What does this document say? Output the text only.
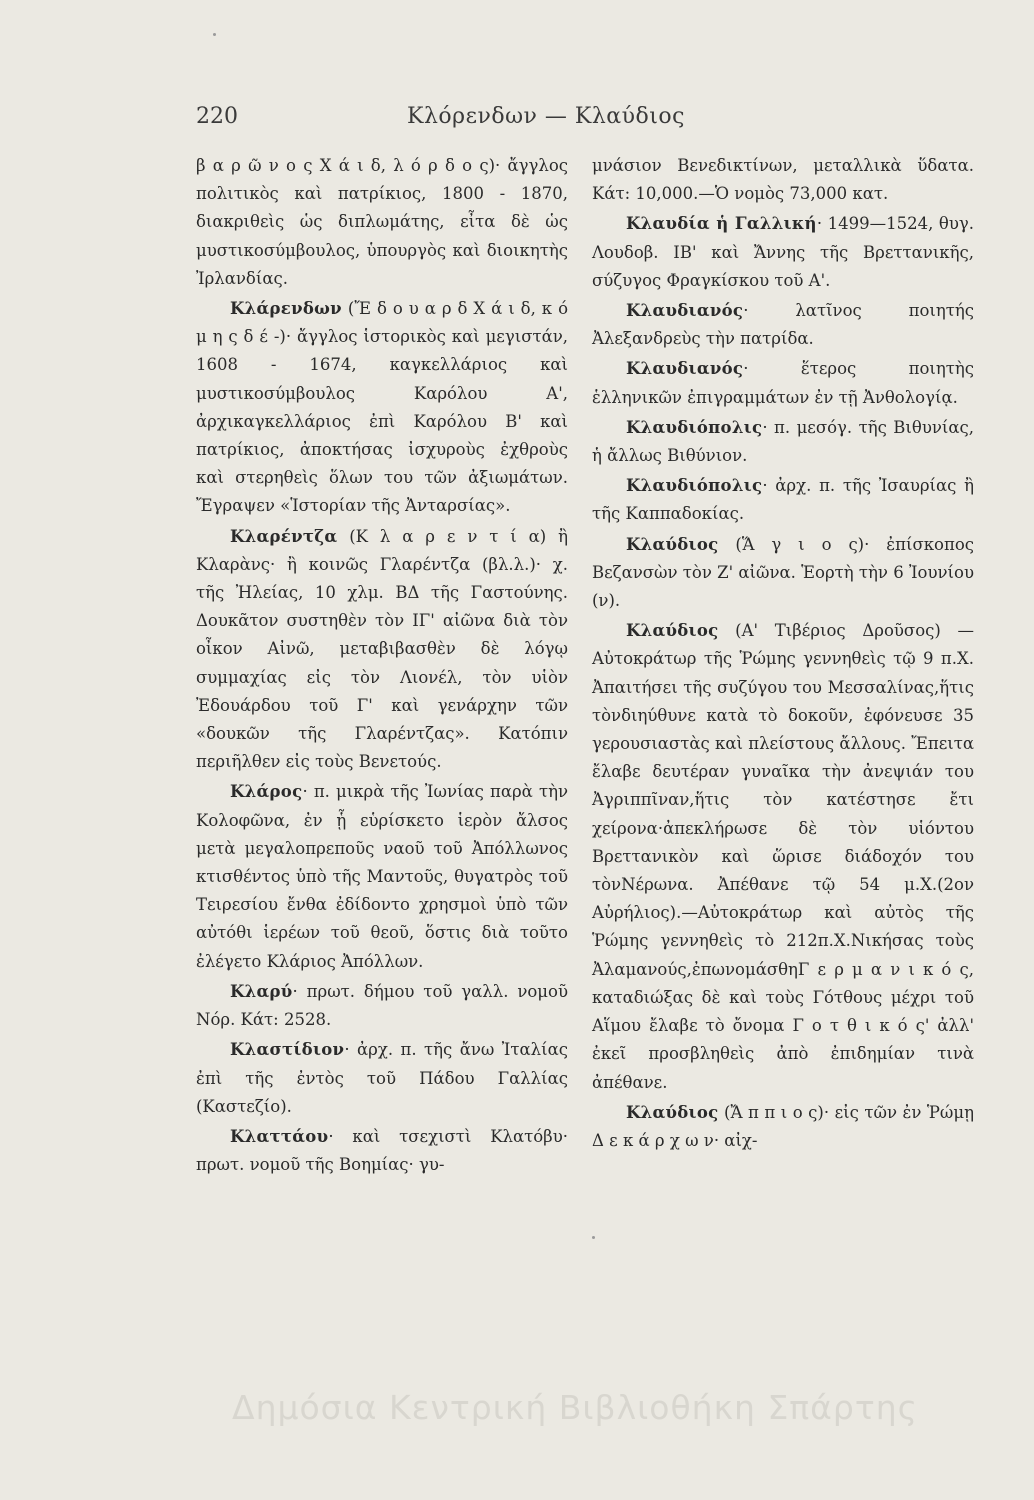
220	Κλόρενδων — Κλαύδιος

β α ρ ῶ ν ο ς Χ ά ι δ, λ ό ρ δ ο ς)· ἄγγλος πολιτικὸς καὶ πατρίκιος, 1800 - 1870, διακριθεὶς ὡς διπλωμάτης, εἶτα δὲ ὡς μυστικοσύμβουλος, ὑπουργὸς καὶ διοικητὴς Ἰρλανδίας.

Κλάρενδων (Ἔ δ ο υ α ρ δ Χ ά ι δ, κ ό μ η ς δ έ -)· ἄγγλος ἱστορικὸς καὶ μεγιστάν, 1608 - 1674, καγκελλάριος καὶ μυστικοσύμβουλος Καρόλου Α', ἀρχικαγκελλάριος ἐπὶ Καρόλου Β' καὶ πατρίκιος, ἀποκτήσας ἰσχυροὺς ἐχθροὺς καὶ στερηθεὶς ὅλων του τῶν ἀξιωμάτων. Ἔγραψεν «Ἱστορίαν τῆς Ἀνταρσίας».

Κλαρέντζα (Κ λ α ρ ε ν τ ί α) ἢ Κλαρὰνς· ἢ κοινῶς Γλαρέντζα (βλ.λ.)· χ. τῆς Ἠλείας, 10 χλμ. ΒΔ τῆς Γαστούνης. Δουκᾶτον συστηθὲν τὸν ΙΓ' αἰῶνα διὰ τὸν οἶκον Αἰνῶ, μεταβιβασθὲν δὲ λόγῳ συμμαχίας εἰς τὸν Λιονέλ, τὸν υἱὸν Ἐδουάρδου τοῦ Γ' καὶ γενάρχην τῶν «δουκῶν τῆς Γλαρέντζας». Κατόπιν περιῆλθεν εἰς τοὺς Βενετούς.

Κλάρος· π. μικρὰ τῆς Ἰωνίας παρὰ τὴν Κολοφῶνα, ἐν ᾗ εὑρίσκετο ἱερὸν ἄλσος μετὰ μεγαλοπρεποῦς ναοῦ τοῦ Ἀπόλλωνος κτισθέντος ὑπὸ τῆς Μαντοῦς, θυγατρὸς τοῦ Τειρεσίου ἔνθα ἐδίδοντο χρησμοὶ ὑπὸ τῶν αὐτόθι ἱερέων τοῦ θεοῦ, ὅστις διὰ τοῦτο ἐλέγετο Κλάριος Ἀπόλλων.

Κλαρύ· πρωτ. δήμου τοῦ γαλλ. νομοῦ Νόρ. Κάτ: 2528.

Κλαστίδιον· ἀρχ. π. τῆς ἄνω Ἰταλίας ἐπὶ τῆς ἐντὸς τοῦ Πάδου Γαλλίας (Καστεζίο).

Κλαττάου· καὶ τσεχιστὶ Κλατόβυ· πρωτ. νομοῦ τῆς Βοημίας· γυ-

μνάσιον Βενεδικτίνων, μεταλλικὰ ὕδατα. Κάτ: 10,000.—Ὁ νομὸς 73,000 κατ.

Κλαυδία ἡ Γαλλική· 1499—1524, θυγ. Λουδοβ. ΙΒ' καὶ Ἄννης τῆς Βρεττανικῆς, σύζυγος Φραγκίσκου τοῦ Α'.

Κλαυδιανός· λατῖνος ποιητής Ἀλεξανδρεὺς τὴν πατρίδα.

Κλαυδιανός· ἕτερος ποιητὴς ἑλληνικῶν ἐπιγραμμάτων ἐν τῇ Ἀνθολογίᾳ.

Κλαυδιόπολις· π. μεσόγ. τῆς Βιθυνίας, ἡ ἄλλως Βιθύνιον.

Κλαυδιόπολις· ἀρχ. π. τῆς Ἰσαυρίας ἢ τῆς Καππαδοκίας.

Κλαύδιος (Ἅ γ ι ο ς)· ἐπίσκοπος Βεζανσὼν τὸν Ζ' αἰῶνα. Ἑορτὴ τὴν 6 Ἰουνίου (ν).

Κλαύδιος (Α' Τιβέριος Δροῦσος) —Αὐτοκράτωρ τῆς Ῥώμης γεννηθεὶς τῷ 9 π.Χ. Ἀπαιτήσει τῆς συζύγου του Μεσσαλίνας,ἥτις τὸνδιηύθυνε κατὰ τὸ δοκοῦν, ἐφόνευσε 35 γερουσιαστὰς καὶ πλείστους ἄλλους. Ἔπειτα ἔλαβε δευτέραν γυναῖκα τὴν ἀνεψιάν του Ἀγριππῖναν,ἥτις τὸν κατέστησε ἔτι χείρονα·ἀπεκλήρωσε δὲ τὸν υἱόντου Βρεττανικὸν καὶ ὥρισε διάδοχόν του τὸνΝέρωνα. Ἀπέθανε τῷ 54 μ.Χ.(2ον Αὐρήλιος).—Αὐτοκράτωρ καὶ αὐτὸς τῆς Ῥώμης γεννηθεὶς τὸ 212π.Χ.Νικήσας τοὺς Ἀλαμανούς,ἐπωνομάσθηΓ ε ρ μ α ν ι κ ό ς, καταδιώξας δὲ καὶ τοὺς Γότθους μέχρι τοῦ Αἵμου ἔλαβε τὸ ὄνομα Γ ο τ θ ι κ ό ς' ἀλλ' ἐκεῖ προσβληθεὶς ἀπὸ ἐπιδημίαν τινὰ ἀπέθανε.

Κλαύδιος (Ἄ π π ι ο ς)· εἰς τῶν ἐν Ῥώμῃ Δ ε κ ά ρ χ ω ν· αἰχ-

Δημόσια Κεντρική Βιβλιοθήκη Σπάρτης
